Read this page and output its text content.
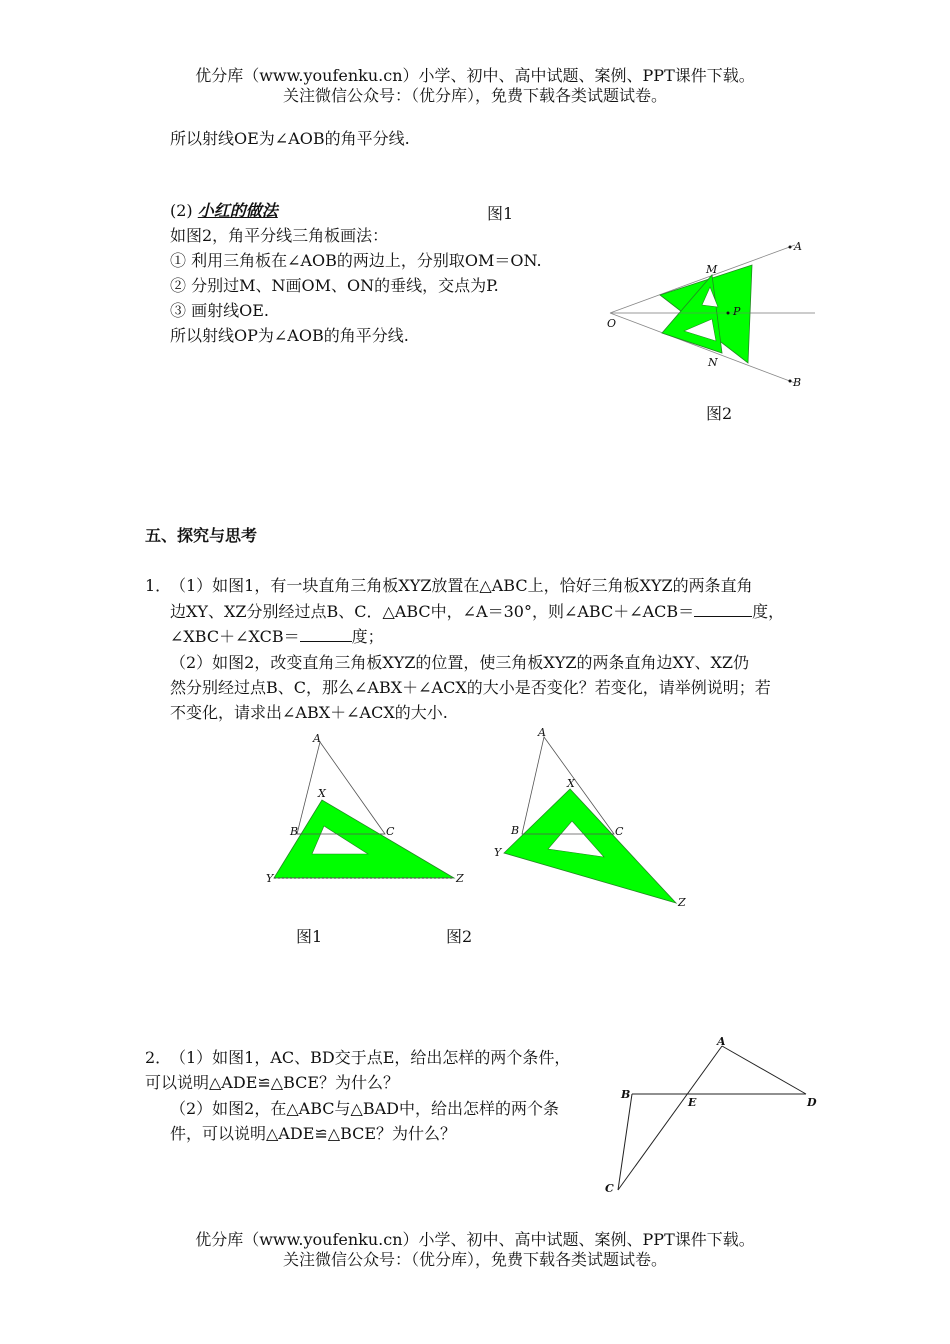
优分库（www.youfenku.cn）小学、初中、高中试题、案例、PPT课件下载。
关注微信公众号：（优分库），免费下载各类试题试卷。
所以射线OE为∠AOB的角平分线.
(2) 小红的做法	图1
如图2，角平分线三角板画法：
① 利用三角板在∠AOB的两边上，分别取OM＝ON.
② 分别过M、N画OM、ON的垂线，交点为P.
③ 画射线OE.
所以射线OP为∠AOB的角平分线.
A
M
O
P
N
B
图2
五、探究与思考
1．
（1）如图1，有一块直角三角板XYZ放置在△ABC上，恰好三角板XYZ的两条直角
边XY、XZ分别经过点B、C．△ABC中，∠A＝30°，则∠ABC＋∠ACB＝	度，
∠XBC＋∠XCB＝	度；
（2）如图2，改变直角三角板XYZ的位置，使三角板XYZ的两条直角边XY、XZ仍
然分别经过点B、C，那么∠ABX＋∠ACX的大小是否变化？若变化，请举例说明；若
不变化，请求出∠ABX＋∠ACX的大小.
A
X
B	C
Y	Z
A
X
B	C
Y
Z
图1	图2
2．
（1）如图1，AC、BD交于点E，给出怎样的两个条件，
可以说明△ADE≌△BCE？为什么？
（2）如图2，在△ABC与△BAD中，给出怎样的两个条
件，可以说明△ADE≌△BCE？为什么？
A
B
E	D
C
优分库（www.youfenku.cn）小学、初中、高中试题、案例、PPT课件下载。
关注微信公众号：（优分库），免费下载各类试题试卷。
